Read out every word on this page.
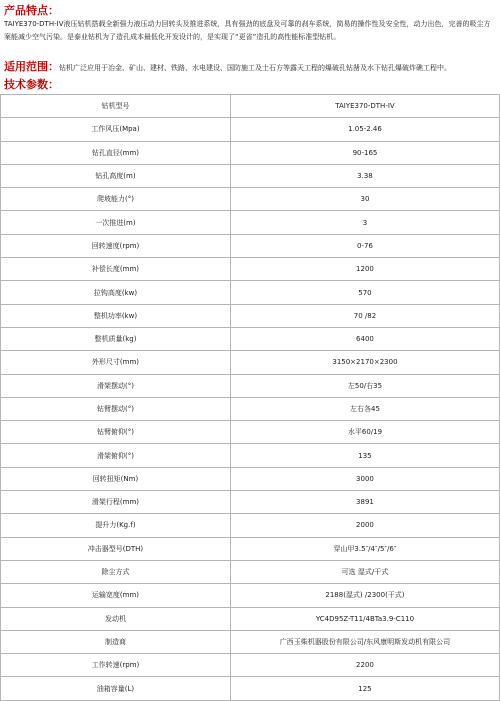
产品特点：

TAIYE370-DTH-IV液压钻机搭载全新强力液压动力回转头及推进系统，具有强劲的底盘及可靠的刹车系统，简易的操作性及安全性，动力出色，完善的吸尘方案能减少空气污染。是泰业钻机为了造孔成本最低化开发设计的，是实现了“更省”造孔的高性能标准型钻机。

适用范围：钻机广泛应用于冶金、矿山、建材、铁路、水电建设、国防施工及土石方等露天工程的爆破孔钻凿及水下钻孔爆破炸礁工程中。

技术参数：

钻机型号	TAIYE370-DTH-IV
工作风压(Mpa)	1.05-2.46
钻孔直径(mm)	90-165
钻孔高度(m)	3.38
爬坡能力(°)	30
一次推进(m)	3
回转速度(rpm)	0-76
补偿长度(mm)	1200
拉钩高度(kw)	570
整机功率(kw)	70 /82
整机质量(kg)	6400
外形尺寸(mm)	3150×2170×2300
滑架摆动(°)	左50/右35
钻臂摆动(°)	左右各45
钻臂俯仰(°)	水平60/19
滑架俯仰(°)	135
回转扭矩(Nm)	3000
滑架行程(mm)	3891
提升力(Kg.f)	2000
冲击器型号(DTH)	穿山甲3.5″/4″/5″/6″
除尘方式	可选 湿式/干式
运输宽度(mm)	2188(湿式) /2300(干式)
发动机	YC4D95Z-T11/4BTa3.9-C110
制造商	广西玉柴机器股份有限公司/东风康明斯发动机有限公司
工作转速(rpm)	2200
油箱容量(L)	125
